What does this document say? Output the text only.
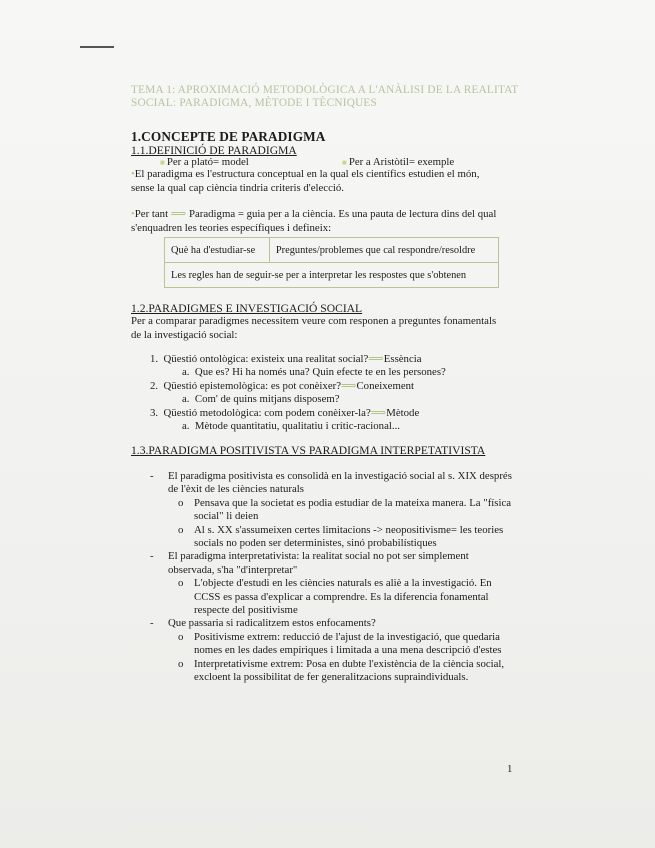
TEMA 1: APROXIMACIÓ METODOLÒGICA A L'ANÀLISI DE LA REALITAT SOCIAL: PARADIGMA, MÈTODE I TÈCNIQUES
1.CONCEPTE DE PARADIGMA
1.1.DEFINICIÓ DE PARADIGMA
■ Per a plató= model	■ Per a Aristòtil= exemple
•El paradigma es l'estructura conceptual en la qual els científics estudien el món, sense la qual cap ciència tindria criteris d'elecció.
•Per tant ⟹ Paradigma = guia per a la ciència. Es una pauta de lectura dins del qual s'enquadren les teories específiques i defineix:
Què ha d'estudiar-se	Preguntes/problemes que cal respondre/resoldre
Les regles han de seguir-se per a interpretar les respostes que s'obtenen
1.2.PARADIGMES E INVESTIGACIÓ SOCIAL
Per a comparar paradigmes necessitem veure com responen a preguntes fonamentals de la investigació social:
1.  Qüestió ontològica: existeix una realitat social?⟹Essència
a.  Que es? Hi ha només una? Quin efecte te en les persones?
2.  Qüestió epistemològica: es pot conèixer?⟹Coneixement
a.  Com' de quins mitjans disposem?
3.  Qüestió metodològica: com podem conèixer-la?⟹Mètode
a.  Mètode quantitatiu, qualitatiu i crític-racional...
1.3.PARADIGMA POSITIVISTA VS PARADIGMA INTERPETATIVISTA
-	El paradigma positivista es consolidà en la investigació social al s. XIX després de l'èxit de les ciències naturals
o Pensava que la societat es podia estudiar de la mateixa manera. La "física social" li deien
o Al s. XX s'assumeixen certes limitacions -> neopositivisme= les teories socials no poden ser deterministes, sinó probabilístiques
-	El paradigma interpretativista: la realitat social no pot ser simplement observada, s'ha "d'interpretar"
o L'objecte d'estudi en les ciències naturals es aliè a la investigació. En CCSS es passa d'explicar a comprendre. Es la diferencia fonamental respecte del positivisme
-	Que passaria si radicalitzem estos enfocaments?
o Positivisme extrem: reducció de l'ajust de la investigació, que quedaria nomes en les dades empíriques i limitada a una mena descripció d'estes
o Interpretativisme extrem: Posa en dubte l'existència de la ciència social, excloent la possibilitat de fer generalitzacions supraindividuals.
1
